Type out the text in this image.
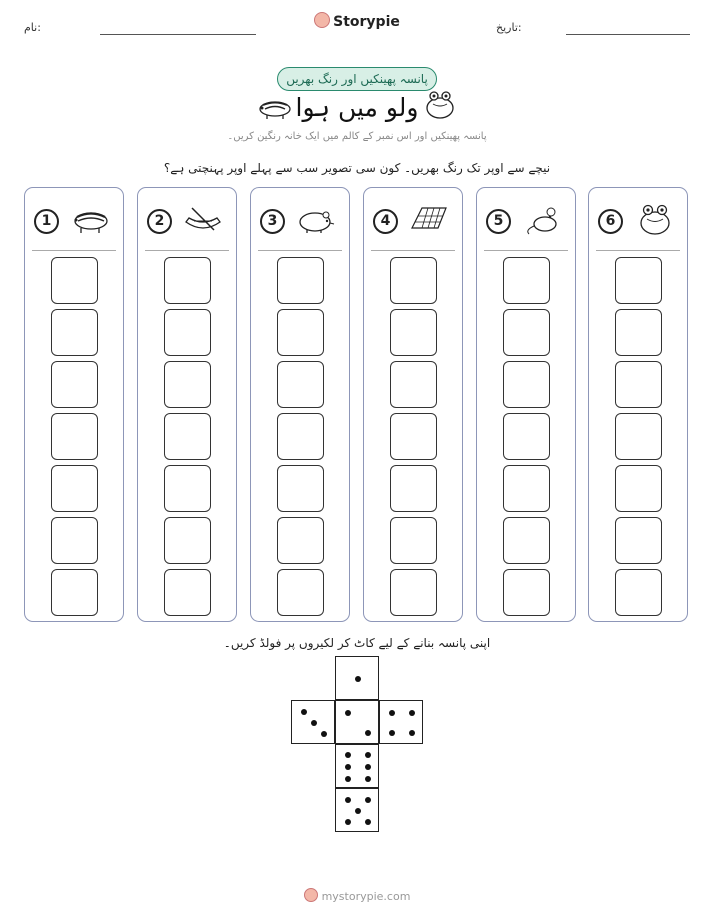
نام:	Storypie	تاریخ:
پانسہ پھینکیں اور رنگ بھریں
ولو میں ہوا
پانسہ پھینکیں اور اس نمبر کے کالم میں ایک خانہ رنگین کریں۔
نیچے سے اوپر تک رنگ بھریں۔ کون سی تصویر سب سے پہلے اوپر پہنچتی ہے؟
1	2	3	4	5	6
اپنی پانسہ بنانے کے لیے کاٹ کر لکیروں پر فولڈ کریں۔
mystorypie.com
